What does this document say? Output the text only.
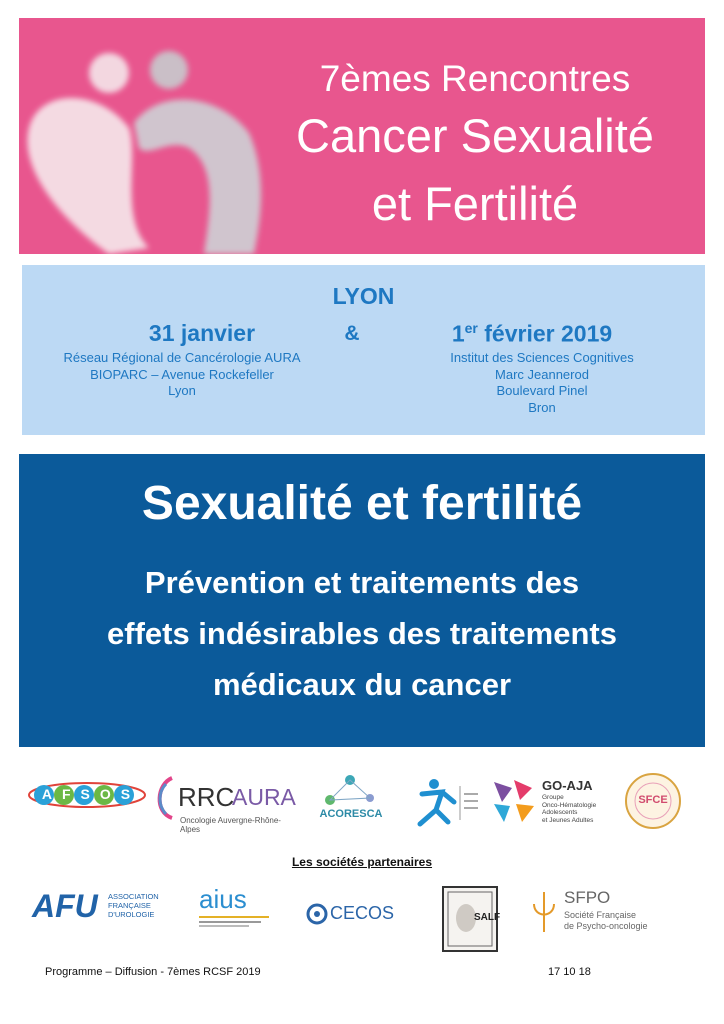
7èmes Rencontres
Cancer Sexualité
et Fertilité
LYON
31 janvier	&	1er février 2019
Réseau Régional de Cancérologie AURA
BIOPARC – Avenue Rockefeller
Lyon
Institut des Sciences Cognitives
Marc Jeannerod
Boulevard Pinel
Bron
Sexualité et fertilité
Prévention et traitements des
effets indésirables des traitements
médicaux du cancer
AFSOS RRC
AURA
Oncologie Auvergne-Rhône-Alpes
ACORESCA
GO-AJA
Groupe
Onco-Hématologie
Adolescents
et Jeunes Adultes
SFCE
Les sociétés partenaires
AFU ASSOCIATION
FRANÇAISE
D'UROLOGIE
aius	CECOS	SALF
SFPO
Société Française
de Psycho-oncologie
Programme – Diffusion - 7èmes RCSF 2019	17 10 18
